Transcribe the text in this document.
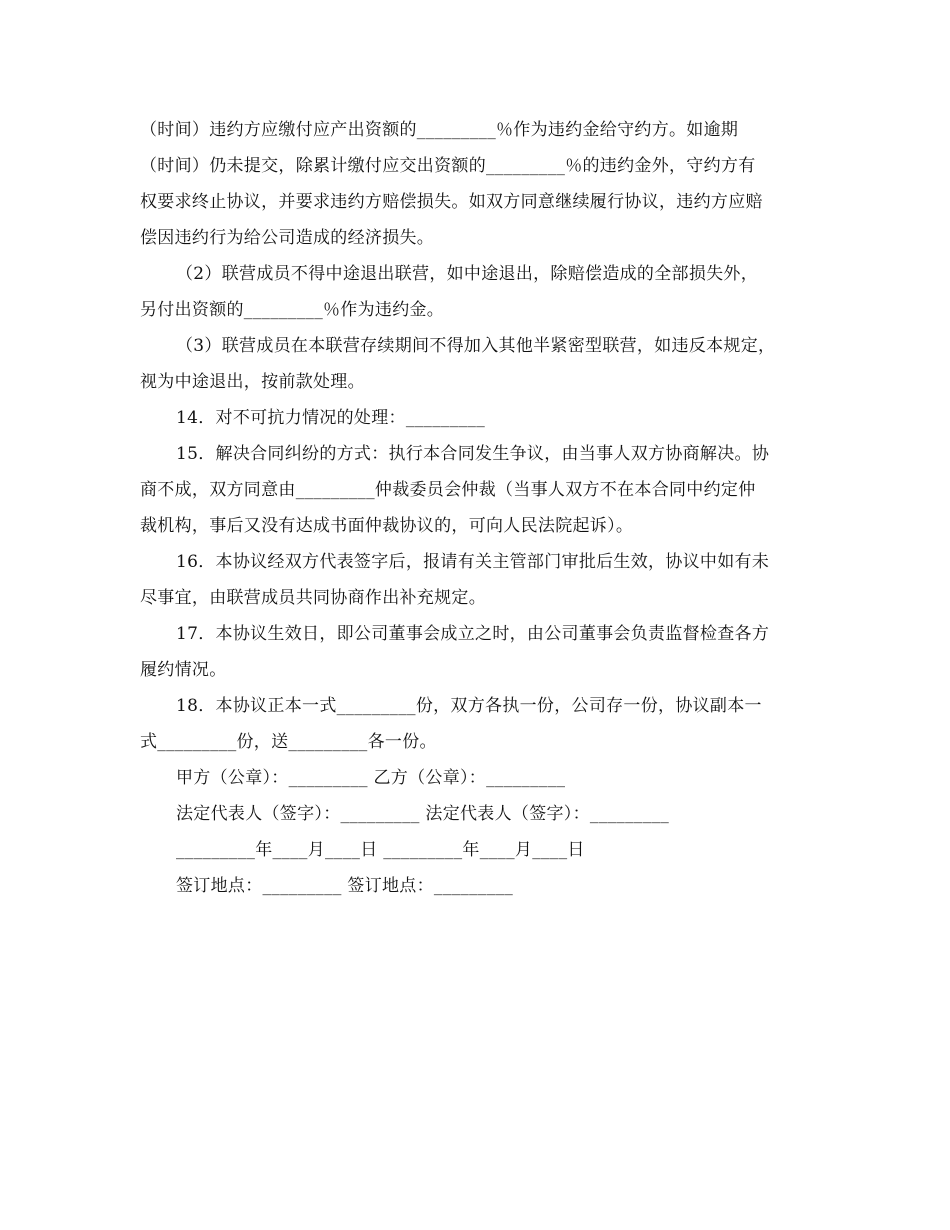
（时间）违约方应缴付应产出资额的_________％作为违约金给守约方。如逾期
（时间）仍未提交，除累计缴付应交出资额的_________％的违约金外，守约方有
权要求终止协议，并要求违约方赔偿损失。如双方同意继续履行协议，违约方应赔
偿因违约行为给公司造成的经济损失。
（2）联营成员不得中途退出联营，如中途退出，除赔偿造成的全部损失外，
另付出资额的_________％作为违约金。
（3）联营成员在本联营存续期间不得加入其他半紧密型联营，如违反本规定，
视为中途退出，按前款处理。
14．对不可抗力情况的处理：_________
15．解决合同纠纷的方式：执行本合同发生争议，由当事人双方协商解决。协
商不成，双方同意由_________仲裁委员会仲裁（当事人双方不在本合同中约定仲
裁机构，事后又没有达成书面仲裁协议的，可向人民法院起诉）。
16．本协议经双方代表签字后，报请有关主管部门审批后生效，协议中如有未
尽事宜，由联营成员共同协商作出补充规定。
17．本协议生效日，即公司董事会成立之时，由公司董事会负责监督检查各方
履约情况。
18．本协议正本一式_________份，双方各执一份，公司存一份，协议副本一
式_________份，送_________各一份。
甲方（公章）：_________ 乙方（公章）：_________
法定代表人（签字）：_________ 法定代表人（签字）：_________
_________年____月____日 _________年____月____日
签订地点：_________ 签订地点：_________
